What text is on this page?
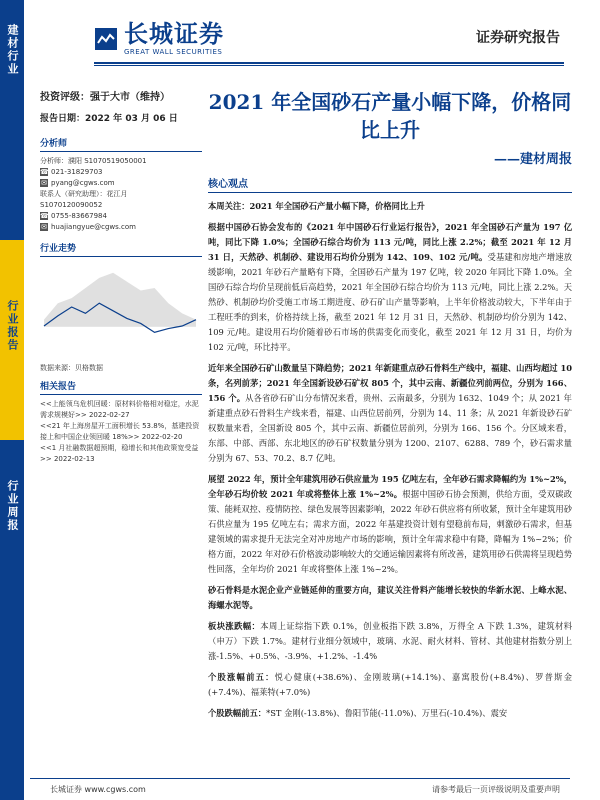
建材行业
行业报告
行业周报
长城证券
GREAT WALL SECURITIES
证券研究报告
投资评级：强于大市（维持）
报告日期：2022 年 03 月 06 日
分析师
分析师：濮阳 S1070519050001
☎ 021-31829703
✉ pyang@cgws.com
联系人（研究助理）：花江月
S1070120090052
☎ 0755-83667984
✉ huajiangyue@cgws.com
行业走势
数据来源：贝格数据
相关报告
<<上能领乌危机回暖：原材料价格相对稳定，水泥需求规模好>> 2022-02-27
<<21 年上海房屋开工面积增长 53.8%，基建投资接上和中国企业领回暖 18%>> 2022-02-20
<<1 月社融数据超预期，稳增长和其他政策宽受益>> 2022-02-13
2021 年全国砂石产量小幅下降，价格同比上升
——建材周报
核心观点

本周关注：2021 年全国砂石产量小幅下降，价格同比上升

根据中国砂石协会发布的《2021 年中国砂石行业运行报告》，2021 年全国砂石产量为 197 亿吨，同比下降 1.0%；全国砂石综合均价为 113 元/吨，同比上涨 2.2%；截至 2021 年 12 月 31 日，天然砂、机制砂、建设用石均价分别为 142、109、102 元/吨。受基建和房地产增速放缓影响，2021 年砂石产量略有下降，全国砂石产量为 197 亿吨，较 2020 年同比下降 1.0%。全国砂石综合均价呈现前低后高趋势，2021 年全国砂石综合均价为 113 元/吨，同比上涨 2.2%。天然砂、机制砂均价受施工市场工期进度、砂石矿山产量等影响，上半年价格波动较大，下半年由于工程旺季的到来，价格持续上扬，截至 2021 年 12 月 31 日，天然砂、机制砂均价分别为 142、109 元/吨。建设用石均价随着砂石市场的供需变化而变化，截至 2021 年 12 月 31 日，均价为 102 元/吨，环比持平。

近年来全国砂石矿山数量呈下降趋势；2021 年新建重点砂石骨料生产线中，福建、山西均超过 10 条，名列前茅；2021 年全国新设砂石矿权 805 个，其中云南、新疆位列前两位，分别为 166、156 个。从各省砂石矿山分布情况来看，贵州、云南最多，分别为 1632、1049 个；从 2021 年新建重点砂石骨料生产线来看，福建、山西位居前列，分别为 14、11 条；从 2021 年新设砂石矿权数量来看，全国新设 805 个，其中云南、新疆位居前列，分别为 166、156 个。分区域来看，东部、中部、西部、东北地区的砂石矿权数量分别为 1200、2107、6288、789 个，砂石需求量分别为 67、53、70.2、8.7 亿吨。

展望 2022 年，预计全年建筑用砂石供应量为 195 亿吨左右，全年砂石需求降幅约为 1%~2%，全年砂石均价较 2021 年或将整体上涨 1%~2%。根据中国砂石协会预测，供给方面，受双碳政策、能耗双控、疫情防控、绿色发展等因素影响，2022 年砂石供应将有所收紧，预计全年建筑用砂石供应量为 195 亿吨左右；需求方面，2022 年基建投资计划有望稳前布局，刺激砂石需求，但基建领域的需求提升无法完全对冲房地产市场的影响，预计全年需求稳中有降，降幅为 1%~2%；价格方面，2022 年对砂石价格波动影响较大的交通运输因素将有所改善，建筑用砂石供需将呈现趋势性回落，全年均价 2021 年或将整体上涨 1%~2%。

砂石骨料是水泥企业产业链延伸的重要方向，建议关注骨料产能增长较快的华新水泥、上峰水泥、海螺水泥等。

板块涨跌幅：本周上证综指下跌 0.1%，创业板指下跌 3.8%，万得全 A 下跌 1.3%，建筑材料（申万）下跌 1.7%。建材行业细分领域中，玻璃、水泥、耐火材料、管材、其他建材指数分别上涨-1.5%、+0.5%、-3.9%、+1.2%、-1.4%

个股涨幅前五：悦心健康(+38.6%)、金刚玻璃(+14.1%)、嘉寓股份(+8.4%)、罗普斯金(+7.4%)、福莱特(+7.0%)

个股跌幅前五：*ST 金刚(-13.8%)、鲁阳节能(-11.0%)、万里石(-10.4%)、震安

长城证券 www.cgws.com	请参考最后一页评级说明及重要声明
